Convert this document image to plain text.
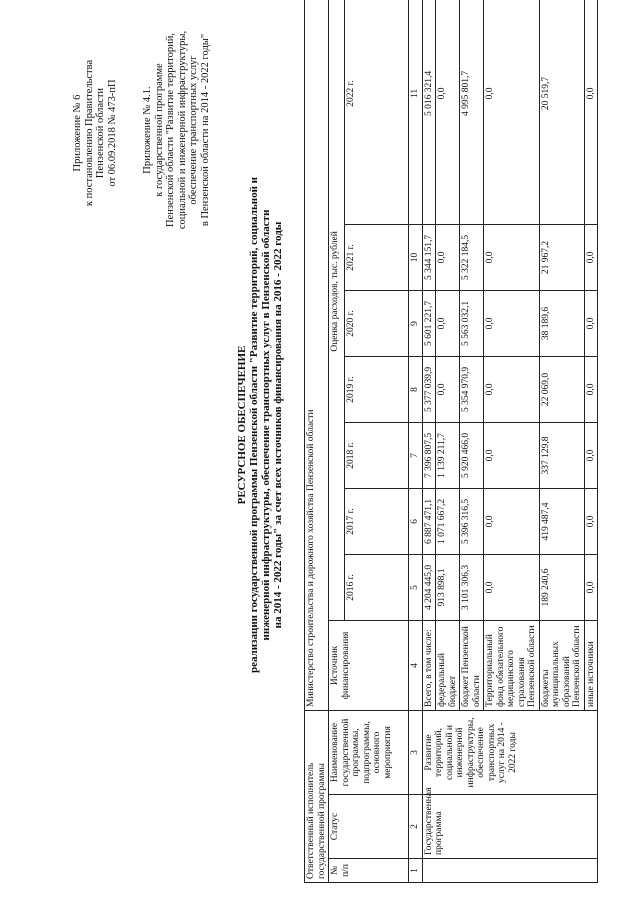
Приложение № 6 к постановлению Правительства Пензенской области от 06.09.2018 № 473-пП Приложение № 4.1. к государственной программе Пензенской области "Развитие территорий, социальной и инженерной инфраструктуры, обеспечение транспортных услуг в Пензенской области на 2014 - 2022 годы"
РЕСУРСНОЕ ОБЕСПЕЧЕНИЕ реализации государственной программы Пензенской области "Развитие территорий, социальной и инженерной инфраструктуры, обеспечение транспортных услуг в Пензенской области на 2014 - 2022 годы" за счет всех источников финансирования на 2016 - 2022 годы
Ответственный исполнитель государственной программы			Министерство строительства и дорожного хозяйства Пензенской области							
№ п/п	Статус	Наименование государственной программы, подпрограммы, основного мероприятия	Источник финансирования	Оценка расходов, тыс. рублей						
				2016 г.	2017 г.	2018 г.	2019 г.	2020 г.	2021 г.	2022 г.
1	2	3	4	5	6	7	8	9	10	11
	Государственная программа	Развитие территорий, социальной и инженерной инфраструктуры, обеспечение транспортных услуг на 2014 - 2022 годы	Всего, в том числе:	4 204 445,0	6 887 471,1	7 396 807,5	5 377 039,9	5 601 221,7	5 344 151,7	5 016 321,4
			федеральный бюджет	913 898,1	1 071 667,2	1 139 211,7	0,0	0,0	0,0	0,0
			бюджет Пензенской области	3 101 306,3	5 396 316,5	5 920 466,0	5 354 970,9	5 563 032,1	5 322 184,5	4 995 801,7
			Территориальный фонд обязательного медицинского страхования Пензенской области	0,0	0,0	0,0	0,0	0,0	0,0	0,0
			бюджеты муниципальных образований Пензенской области	189 240,6	419 487,4	337 129,8	22 069,0	38 189,6	21 967,2	20 519,7
			иные источники	0,0	0,0	0,0	0,0	0,0	0,0	0,0
